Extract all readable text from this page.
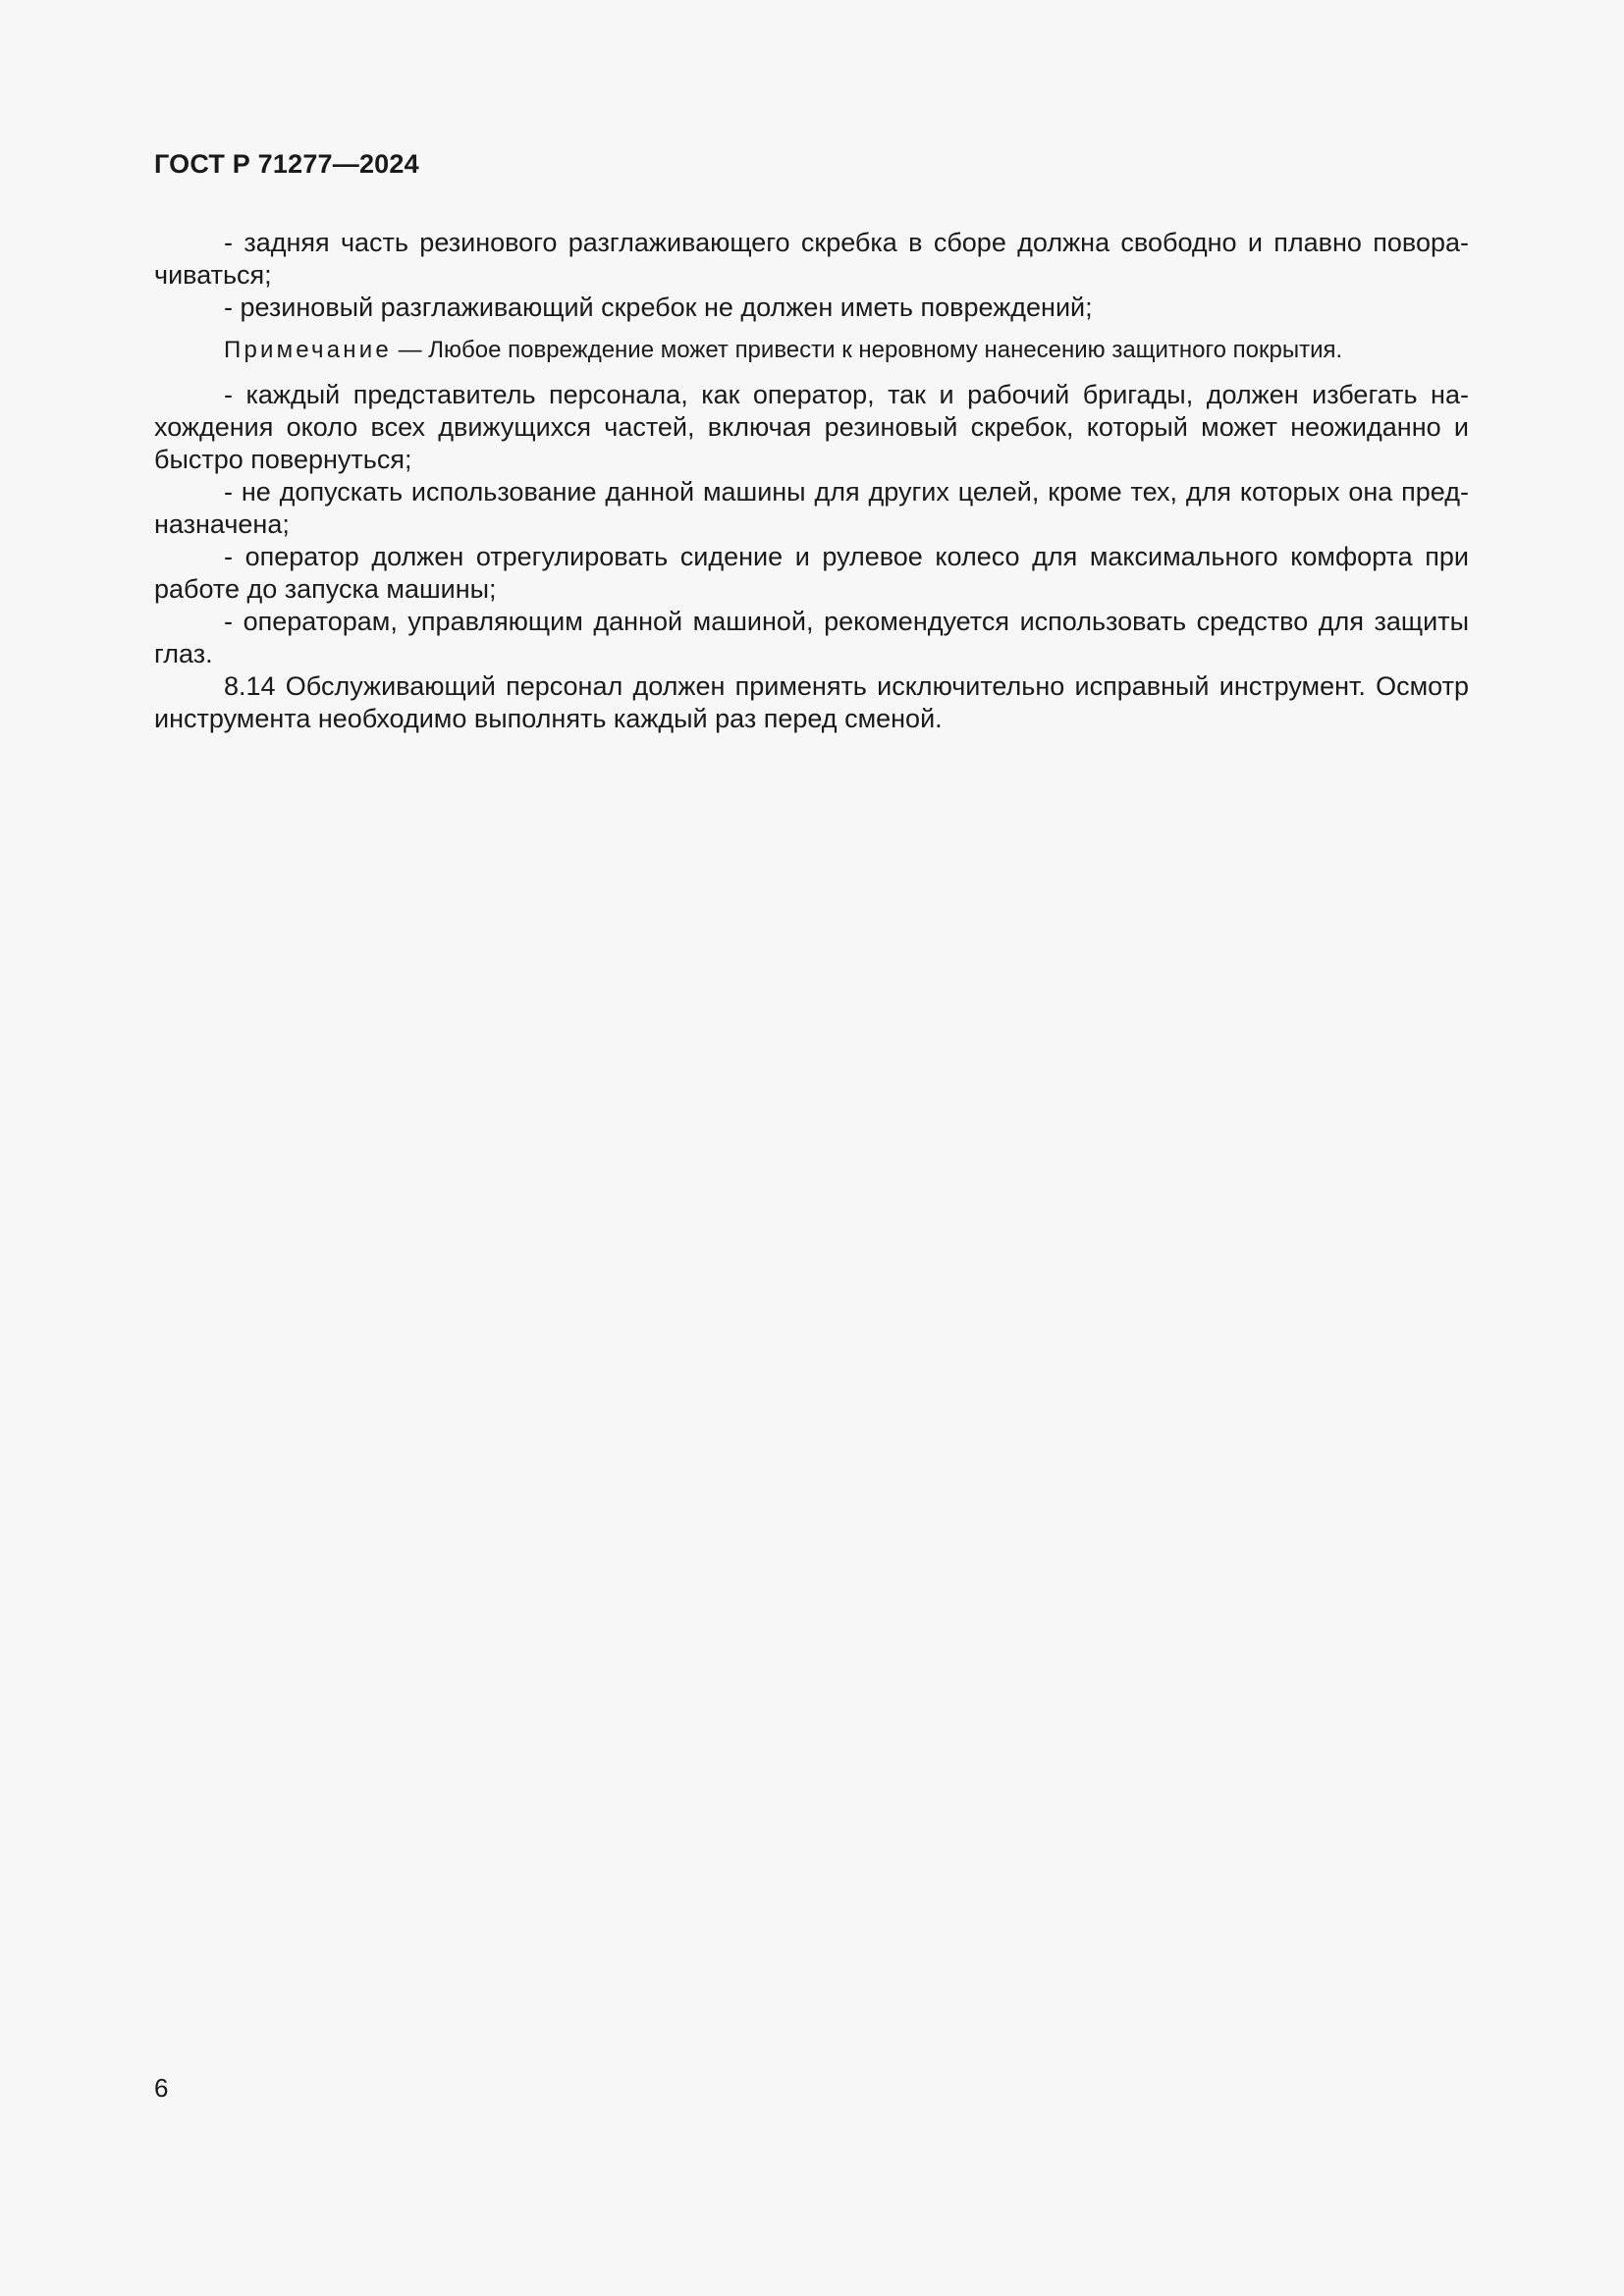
ГОСТ Р 71277—2024

- задняя часть резинового разглаживающего скребка в сборе должна свободно и плавно поворачиваться;

- резиновый разглаживающий скребок не должен иметь повреждений;

Примечание — Любое повреждение может привести к неровному нанесению защитного покрытия.

- каждый представитель персонала, как оператор, так и рабочий бригады, должен избегать нахождения около всех движущихся частей, включая резиновый скребок, который может неожиданно и быстро повернуться;

- не допускать использование данной машины для других целей, кроме тех, для которых она предназначена;

- оператор должен отрегулировать сидение и рулевое колесо для максимального комфорта при работе до запуска машины;

- операторам, управляющим данной машиной, рекомендуется использовать средство для защиты глаз.

8.14 Обслуживающий персонал должен применять исключительно исправный инструмент. Осмотр инструмента необходимо выполнять каждый раз перед сменой.

6
